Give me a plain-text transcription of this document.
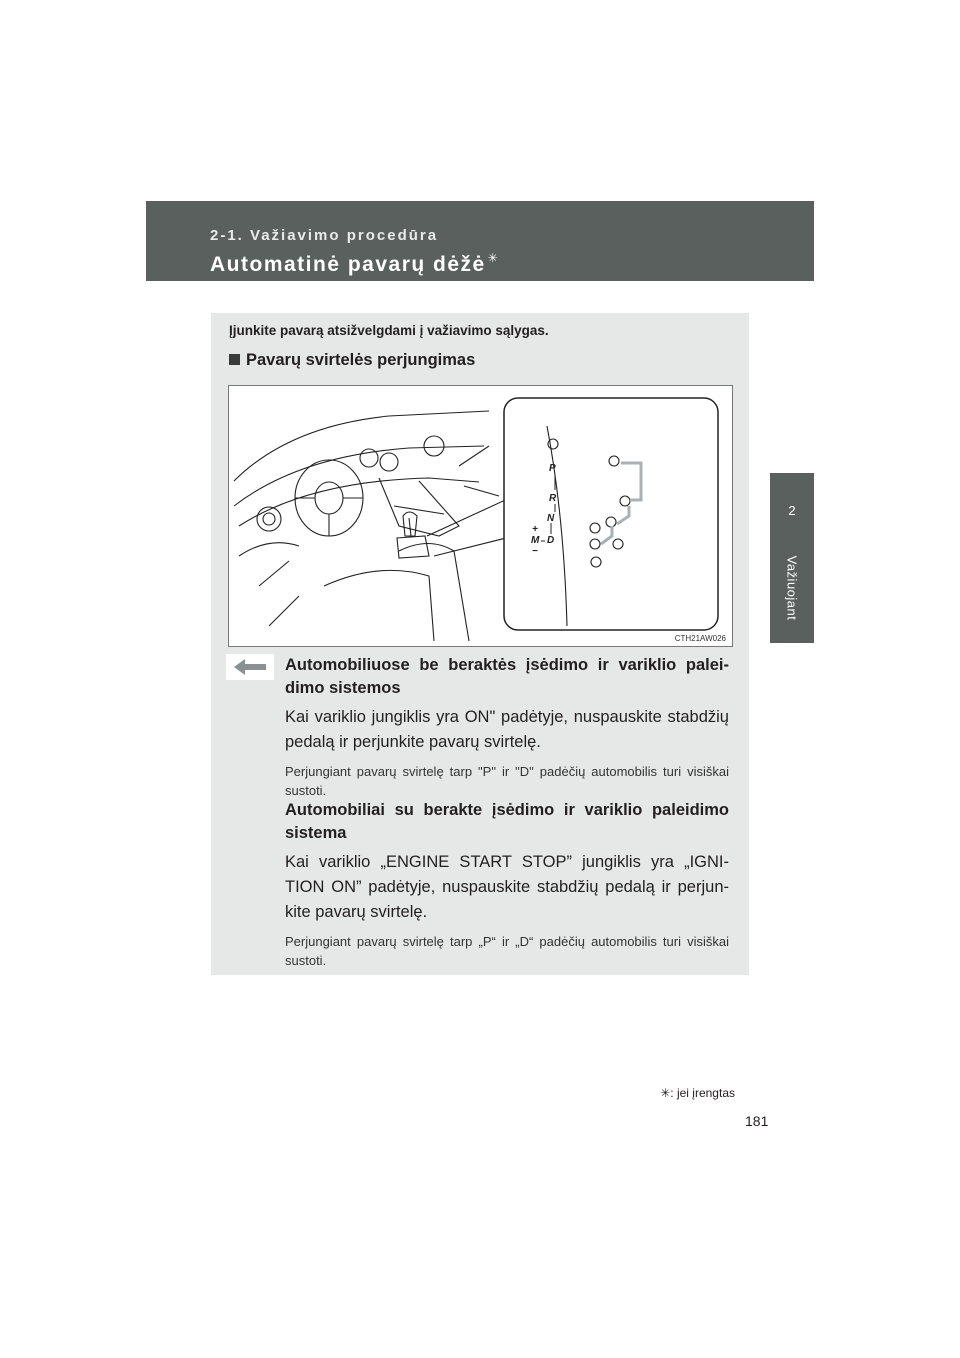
2-1. Važiavimo procedūra
Automatinė pavarų dėžė ✳
2
Važiuojant
Įjunkite pavarą atsižvelgdami į važiavimo sąlygas.
Pavarų svirtelės perjungimas
P
R
N
D
M
+
−
CTH21AW026
Automobiliuose be beraktės įsėdimo ir variklio palei-dimo sistemos
Kai variklio jungiklis yra ON" padėtyje, nuspauskite stabdžių pedalą ir perjunkite pavarų svirtelę.
Perjungiant pavarų svirtelę tarp "P" ir "D" padėčių automobilis turi visiškai sustoti.
Automobiliai su berakte įsėdimo ir variklio paleidimo sistema
Kai variklio „ENGINE START STOP” jungiklis yra „IGNI-TION ON” padėtyje, nuspauskite stabdžių pedalą ir perjun-kite pavarų svirtelę.
Perjungiant pavarų svirtelę tarp „P“ ir „D“ padėčių automobilis turi visiškai sustoti.
✳: jei įrengtas
181
